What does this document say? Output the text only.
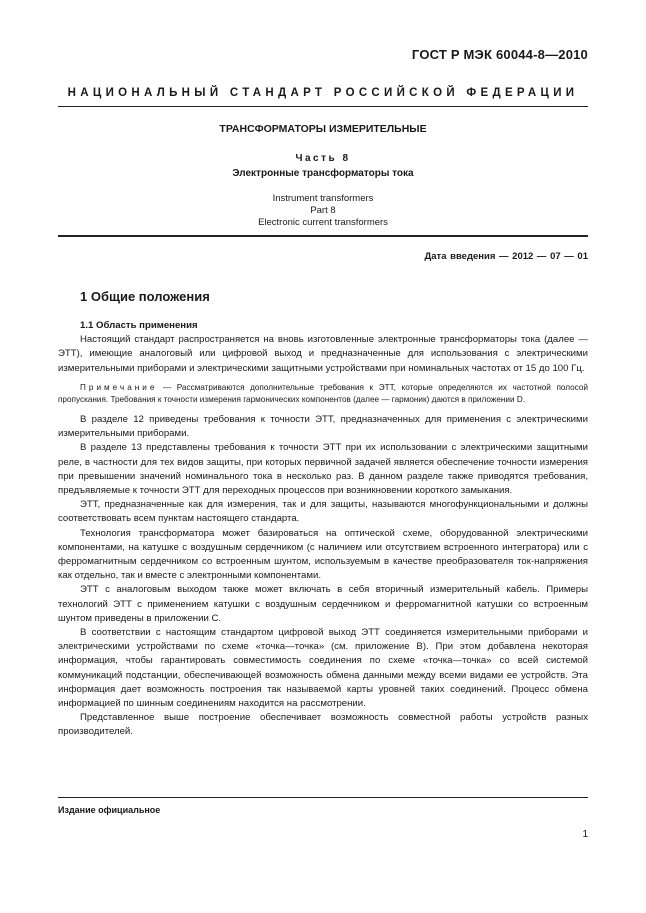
ГОСТ Р МЭК 60044-8—2010
НАЦИОНАЛЬНЫЙ СТАНДАРТ РОССИЙСКОЙ ФЕДЕРАЦИИ
ТРАНСФОРМАТОРЫ ИЗМЕРИТЕЛЬНЫЕ
Часть 8
Электронные трансформаторы тока
Instrument transformers
Part 8
Electronic current transformers
Дата введения — 2012 — 07 — 01
1 Общие положения
1.1 Область применения

Настоящий стандарт распространяется на вновь изготовленные электронные трансформаторы тока (далее — ЭТТ), имеющие аналоговый или цифровой выход и предназначенные для использования с электрическими измерительными приборами и электрическими защитными устройствами при номинальных частотах от 15 до 100 Гц.

Примечание — Рассматриваются дополнительные требования к ЭТТ, которые определяются их частотной полосой пропускания. Требования к точности измерения гармонических компонентов (далее — гармоник) даются в приложении D.

В разделе 12 приведены требования к точности ЭТТ, предназначенных для применения с электрическими измерительными приборами.

В разделе 13 представлены требования к точности ЭТТ при их использовании с электрическими защитными реле, в частности для тех видов защиты, при которых первичной задачей является обеспечение точности измерения при превышении значений номинального тока в несколько раз. В данном разделе также приводятся требования, предъявляемые к точности ЭТТ для переходных процессов при возникновении короткого замыкания.

ЭТТ, предназначенные как для измерения, так и для защиты, называются многофункциональными и должны соответствовать всем пунктам настоящего стандарта.

Технология трансформатора может базироваться на оптической схеме, оборудованной электрическими компонентами, на катушке с воздушным сердечником (с наличием или отсутствием встроенного интегратора) или с ферромагнитным сердечником со встроенным шунтом, используемым в качестве преобразователя ток-напряжения как отдельно, так и вместе с электронными компонентами.

ЭТТ с аналоговым выходом также может включать в себя вторичный измерительный кабель. Примеры технологий ЭТТ с применением катушки с воздушным сердечником и ферромагнитной катушки со встроенным шунтом приведены в приложении С.

В соответствии с настоящим стандартом цифровой выход ЭТТ соединяется измерительными приборами и электрическими устройствами по схеме «точка—точка» (см. приложение В). При этом добавлена некоторая информация, чтобы гарантировать совместимость соединения по схеме «точка—точка» со всей системой коммуникаций подстанции, обеспечивающей возможность обмена данными между всеми видами ее устройств. Эта информация дает возможность построения так называемой карты уровней таких соединений. Процесс обмена информацией по шинным соединениям находится на рассмотрении.

Представленное выше построение обеспечивает возможность совместной работы устройств разных производителей.

Издание официальное
1
